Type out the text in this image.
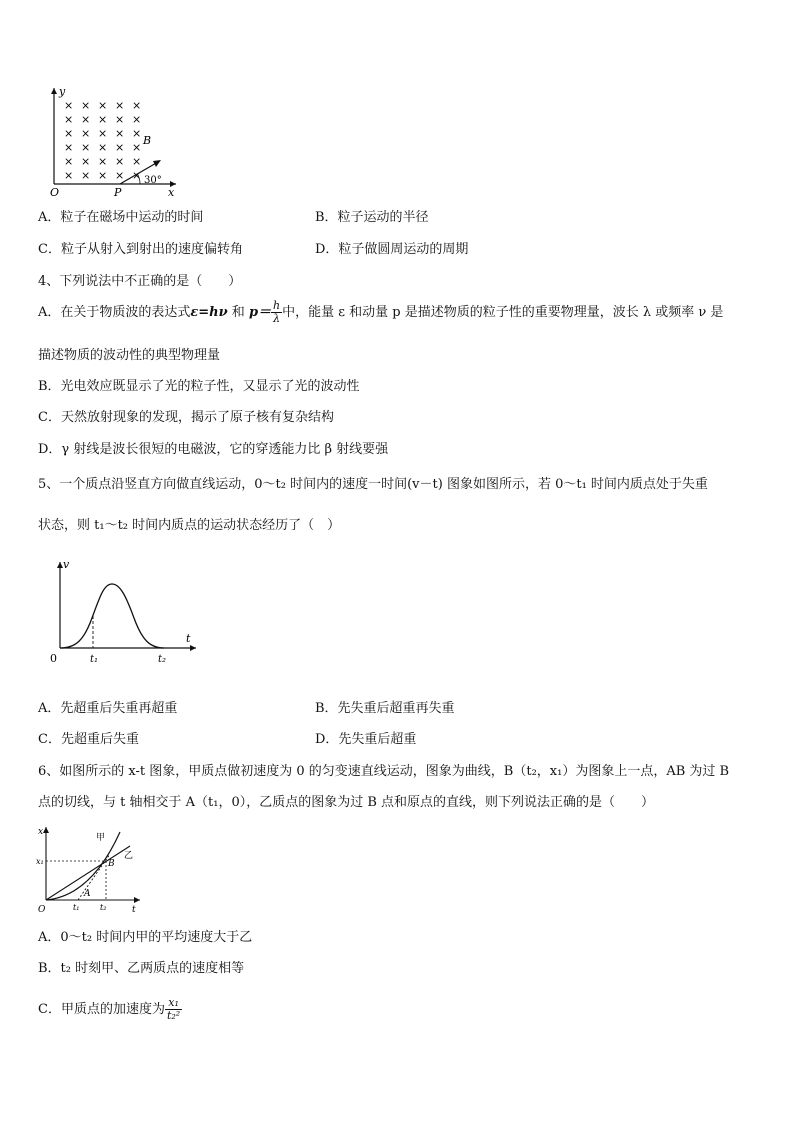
y
x
O	P
B
30°
× × × × ×
× × × × ×
× × × × ×
× × × × ×
× × × × ×
× × × × ×
A．粒子在磁场中运动的时间	B．粒子运动的半径
C．粒子从射入到射出的速度偏转角	D．粒子做圆周运动的周期
4、下列说法中不正确的是（　　）
A．在关于物质波的表达式ε=hν 和 $p= \frac{h}{\lambda}$ 中，能量 ε 和动量 p 是描述物质的粒子性的重要物理量，波长 λ 或频率 ν 是
描述物质的波动性的典型物理量
B．光电效应既显示了光的粒子性，又显示了光的波动性
C．天然放射现象的发现，揭示了原子核有复杂结构
D．γ 射线是波长很短的电磁波，它的穿透能力比 β 射线要强
5、一个质点沿竖直方向做直线运动，0～t₂ 时间内的速度一时间(v－t) 图象如图所示，若 0～t₁ 时间内质点处于失重
状态，则 t₁～t₂ 时间内质点的运动状态经历了（　）
v
t
0	t₁	t₂
A．先超重后失重再超重	B．先失重后超重再失重
C．先超重后失重	D．先失重后超重
6、如图所示的 x-t 图象，甲质点做初速度为 0 的匀变速直线运动，图象为曲线，B（t₂，x₁）为图象上一点，AB 为过 B
点的切线，与 t 轴相交于 A（t₁，0），乙质点的图象为过 B 点和原点的直线，则下列说法正确的是（　　）
x
t
O
x₁
t₁	t₂
A
B
甲
乙
A．0～t₂ 时间内甲的平均速度大于乙
B．t₂ 时刻甲、乙两质点的速度相等
C．甲质点的加速度为 $\frac{\text{x₁}}{\text{t₂²}}$
